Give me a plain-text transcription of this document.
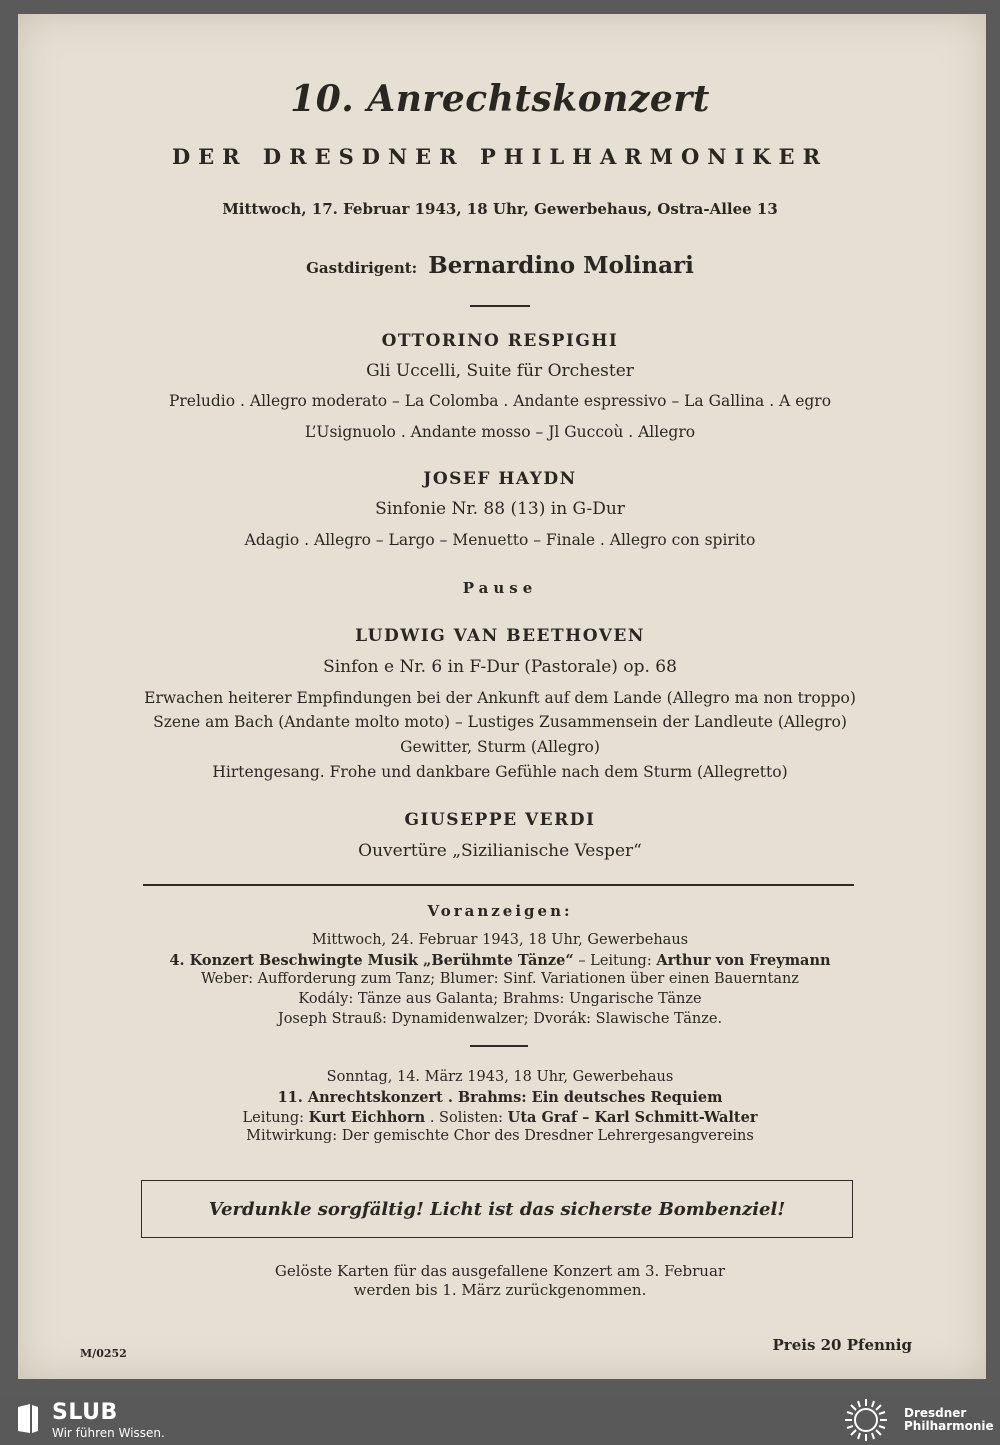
10. Anrechtskonzert
DER DRESDNER PHILHARMONIKER
Mittwoch, 17. Februar 1943, 18 Uhr, Gewerbehaus, Ostra-Allee 13
Gastdirigent: Bernardino Molinari
OTTORINO RESPIGHI
Gli Uccelli, Suite für Orchester
Preludio . Allegro moderato – La Colomba . Andante espressivo – La Gallina . A egro
L’Usignuolo . Andante mosso – Jl Guccoù . Allegro
JOSEF HAYDN
Sinfonie Nr. 88 (13) in G-Dur
Adagio . Allegro – Largo – Menuetto – Finale . Allegro con spirito
Pause
LUDWIG VAN BEETHOVEN
Sinfon e Nr. 6 in F-Dur (Pastorale) op. 68
Erwachen heiterer Empfindungen bei der Ankunft auf dem Lande (Allegro ma non troppo)
Szene am Bach (Andante molto moto) – Lustiges Zusammensein der Landleute (Allegro)
Gewitter, Sturm (Allegro)
Hirtengesang. Frohe und dankbare Gefühle nach dem Sturm (Allegretto)
GIUSEPPE VERDI
Ouvertüre „Sizilianische Vesper“
Voranzeigen:
Mittwoch, 24. Februar 1943, 18 Uhr, Gewerbehaus
4. Konzert Beschwingte Musik „Berühmte Tänze“ – Leitung: Arthur von Freymann
Weber: Aufforderung zum Tanz; Blumer: Sinf. Variationen über einen Bauerntanz
Kodály: Tänze aus Galanta; Brahms: Ungarische Tänze
Joseph Strauß: Dynamidenwalzer; Dvorák: Slawische Tänze.
Sonntag, 14. März 1943, 18 Uhr, Gewerbehaus
11. Anrechtskonzert . Brahms: Ein deutsches Requiem
Leitung: Kurt Eichhorn . Solisten: Uta Graf – Karl Schmitt-Walter
Mitwirkung: Der gemischte Chor des Dresdner Lehrergesangvereins
Verdunkle sorgfältig! Licht ist das sicherste Bombenziel!
Gelöste Karten für das ausgefallene Konzert am 3. Februar
werden bis 1. März zurückgenommen.
M/0252	Preis 20 Pfennig
SLUB
Wir führen Wissen.
Dresdner
Philharmonie
